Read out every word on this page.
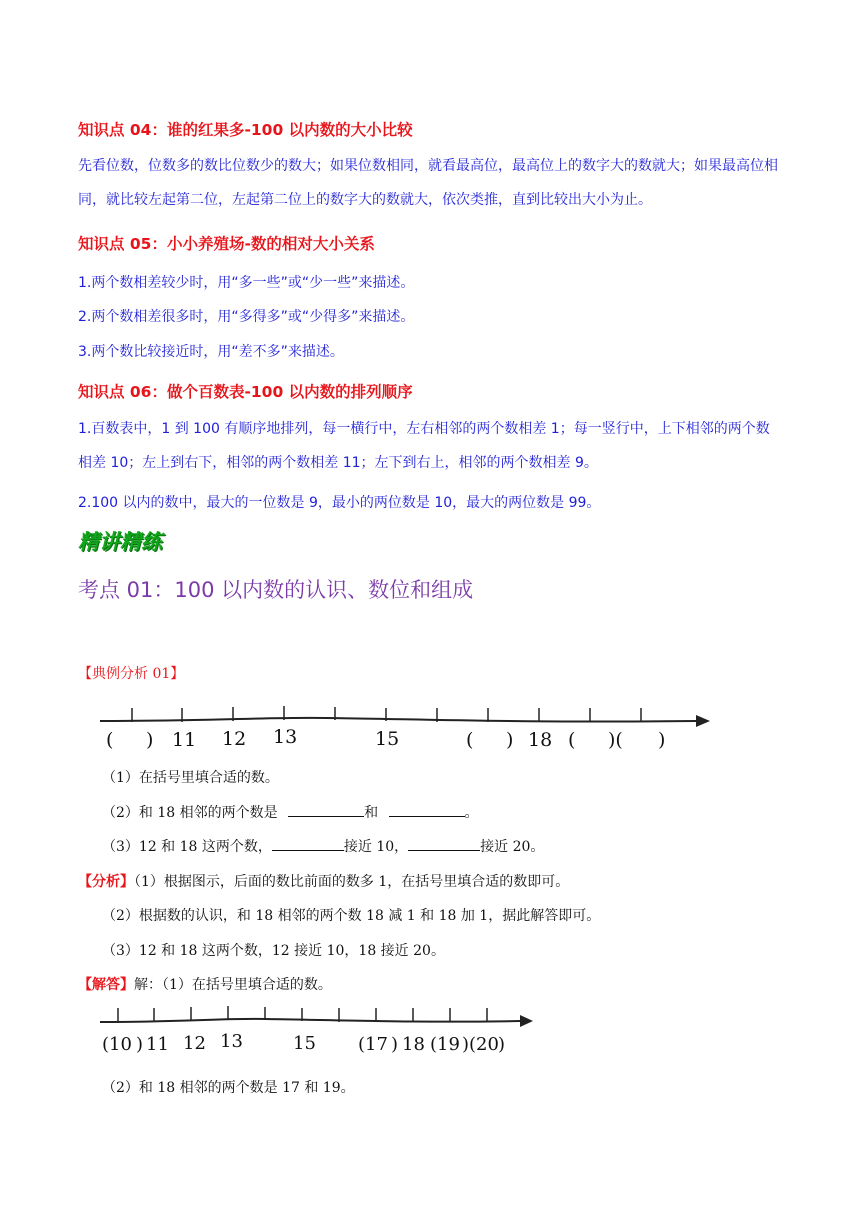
知识点 04：谁的红果多-100 以内数的大小比较
先看位数，位数多的数比位数少的数大；如果位数相同，就看最高位，最高位上的数字大的数就大；如果最高位相同，就比较左起第二位，左起第二位上的数字大的数就大，依次类推，直到比较出大小为止。
知识点 05：小小养殖场-数的相对大小关系
1.两个数相差较少时，用“多一些”或“少一些”来描述。
2.两个数相差很多时，用“多得多”或“少得多”来描述。
3.两个数比较接近时，用“差不多”来描述。
知识点 06：做个百数表-100 以内数的排列顺序
1.百数表中，1 到 100 有顺序地排列，每一横行中，左右相邻的两个数相差 1；每一竖行中，上下相邻的两个数相差 10；左上到右下，相邻的两个数相差 11；左下到右上，相邻的两个数相差 9。
2.100 以内的数中，最大的一位数是 9，最小的两位数是 10，最大的两位数是 99。
精讲精练
考点 01：100 以内数的认识、数位和组成
【典例分析 01】
( ) 11 12 13	15	( ) 18 ( )( )
（1）在括号里填合适的数。
（2）和 18 相邻的两个数是	和	。
（3）12 和 18 这两个数，	接近 10，	接近 20。
【分析】（1）根据图示，后面的数比前面的数多 1，在括号里填合适的数即可。
（2）根据数的认识，和 18 相邻的两个数 18 减 1 和 18 加 1，据此解答即可。
（3）12 和 18 这两个数，12 接近 10，18 接近 20。
【解答】解：（1）在括号里填合适的数。
(10 ) 11 12 13	15 (17 ) 18 (19 )(20 )
（2）和 18 相邻的两个数是 17 和 19。
